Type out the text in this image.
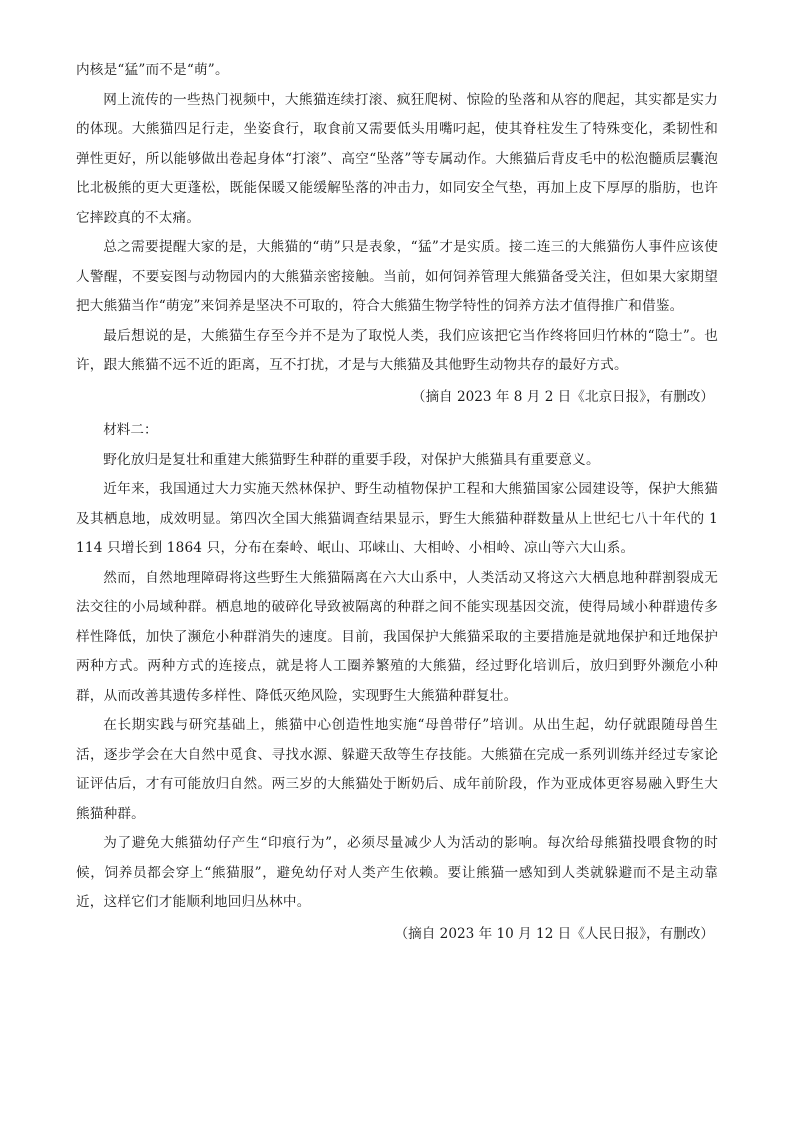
内核是“猛”而不是“萌”。

网上流传的一些热门视频中，大熊猫连续打滚、疯狂爬树、惊险的坠落和从容的爬起，其实都是实力的体现。大熊猫四足行走，坐姿食行，取食前又需要低头用嘴叼起，使其脊柱发生了特殊变化，柔韧性和弹性更好，所以能够做出卷起身体“打滚”、高空“坠落”等专属动作。大熊猫后背皮毛中的松泡髓质层囊泡比北极熊的更大更蓬松，既能保暖又能缓解坠落的冲击力，如同安全气垫，再加上皮下厚厚的脂肪，也许它摔跤真的不太痛。

总之需要提醒大家的是，大熊猫的“萌”只是表象，“猛”才是实质。接二连三的大熊猫伤人事件应该使人警醒，不要妄图与动物园内的大熊猫亲密接触。当前，如何饲养管理大熊猫备受关注，但如果大家期望把大熊猫当作“萌宠”来饲养是坚决不可取的，符合大熊猫生物学特性的饲养方法才值得推广和借鉴。

最后想说的是，大熊猫生存至今并不是为了取悦人类，我们应该把它当作终将回归竹林的“隐士”。也许，跟大熊猫不远不近的距离，互不打扰，才是与大熊猫及其他野生动物共存的最好方式。

（摘自 2023 年 8 月 2 日《北京日报》，有删改）

材料二：

野化放归是复壮和重建大熊猫野生种群的重要手段，对保护大熊猫具有重要意义。

近年来，我国通过大力实施天然林保护、野生动植物保护工程和大熊猫国家公园建设等，保护大熊猫及其栖息地，成效明显。第四次全国大熊猫调查结果显示，野生大熊猫种群数量从上世纪七八十年代的 1114 只增长到 1864 只，分布在秦岭、岷山、邛崃山、大相岭、小相岭、凉山等六大山系。

然而，自然地理障碍将这些野生大熊猫隔离在六大山系中，人类活动又将这六大栖息地种群割裂成无法交往的小局域种群。栖息地的破碎化导致被隔离的种群之间不能实现基因交流，使得局域小种群遗传多样性降低，加快了濒危小种群消失的速度。目前，我国保护大熊猫采取的主要措施是就地保护和迁地保护两种方式。两种方式的连接点，就是将人工圈养繁殖的大熊猫，经过野化培训后，放归到野外濒危小种群，从而改善其遗传多样性、降低灭绝风险，实现野生大熊猫种群复壮。

在长期实践与研究基础上，熊猫中心创造性地实施“母兽带仔”培训。从出生起，幼仔就跟随母兽生活，逐步学会在大自然中觅食、寻找水源、躲避天敌等生存技能。大熊猫在完成一系列训练并经过专家论证评估后，才有可能放归自然。两三岁的大熊猫处于断奶后、成年前阶段，作为亚成体更容易融入野生大熊猫种群。

为了避免大熊猫幼仔产生“印痕行为”，必须尽量减少人为活动的影响。每次给母熊猫投喂食物的时候，饲养员都会穿上“熊猫服”，避免幼仔对人类产生依赖。要让熊猫一感知到人类就躲避而不是主动靠近，这样它们才能顺利地回归丛林中。

（摘自 2023 年 10 月 12 日《人民日报》，有删改）
